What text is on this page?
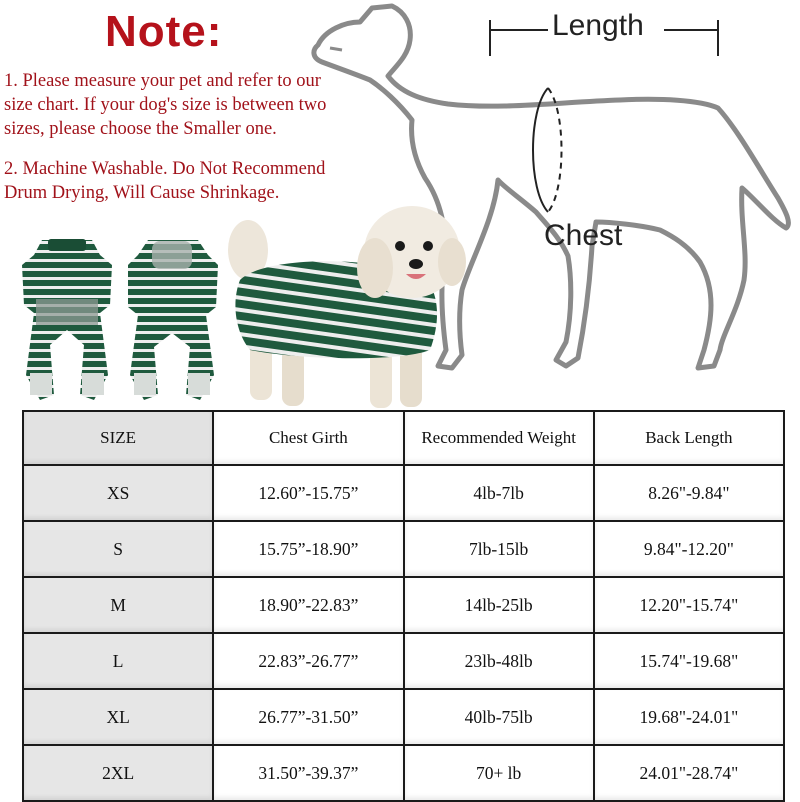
Note:
1. Please measure your pet and refer to our
size chart. If your dog's size is between two
sizes, please choose the Smaller one.
2. Machine Washable. Do Not Recommend
Drum Drying, Will Cause Shrinkage.
Length
Chest
SIZE	Chest Girth	Recommended Weight	Back Length
XS	12.60”-15.75”	4lb-7lb	8.26"-9.84"
S	15.75”-18.90”	7lb-15lb	9.84"-12.20"
M	18.90”-22.83”	14lb-25lb	12.20"-15.74"
L	22.83”-26.77”	23lb-48lb	15.74"-19.68"
XL	26.77”-31.50”	40lb-75lb	19.68"-24.01"
2XL	31.50”-39.37”	70+ lb	24.01"-28.74"
